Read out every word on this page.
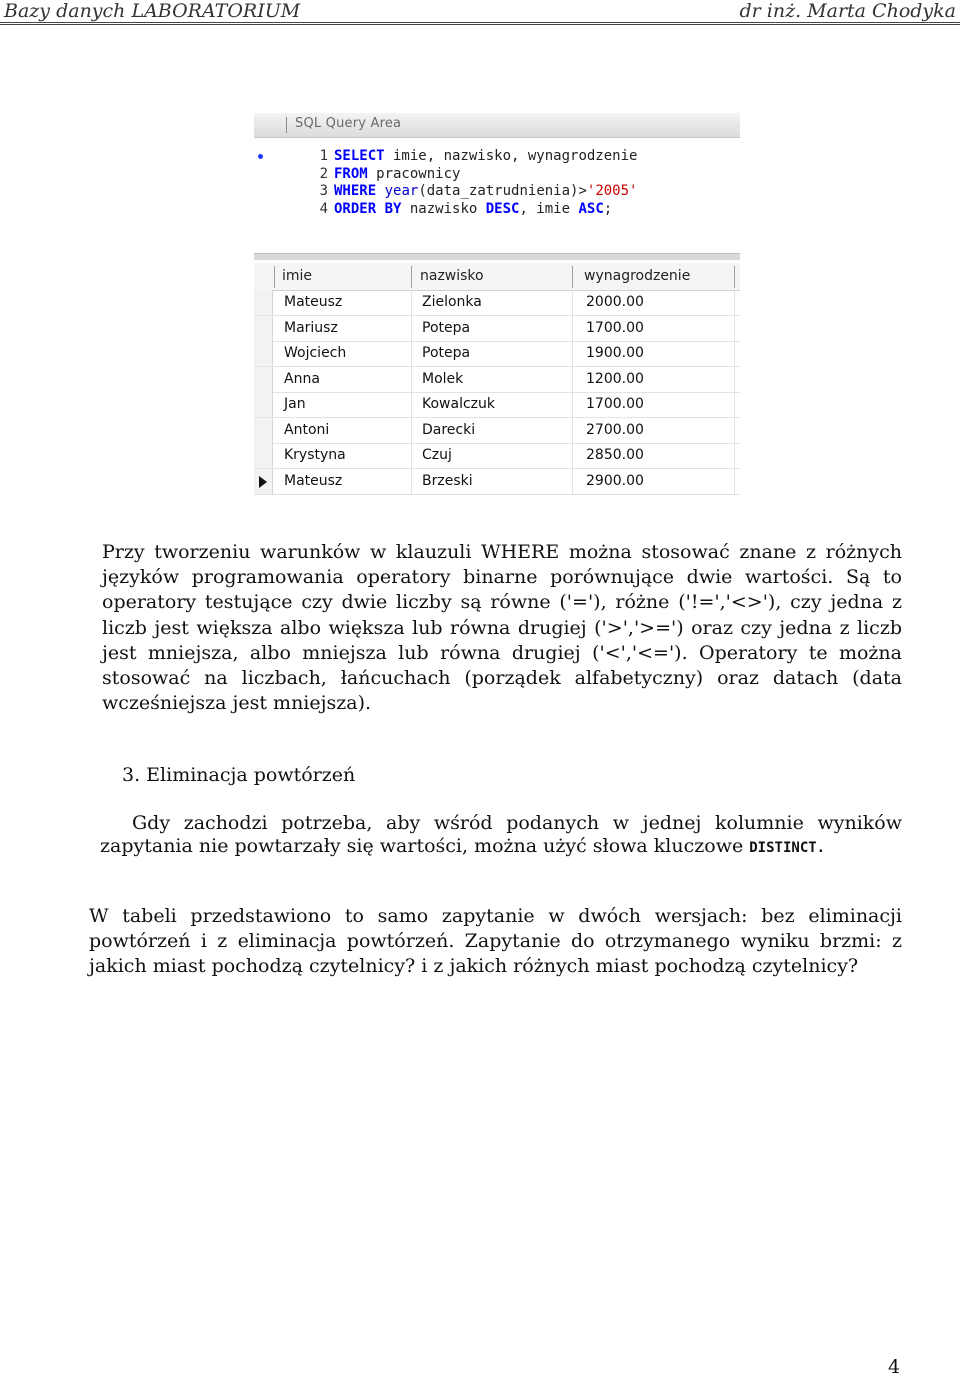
Bazy danych LABORATORIUM	dr inż. Marta Chodyka
SQL Query Area
1 SELECT imie, nazwisko, wynagrodzenie
2 FROM pracownicy
3 WHERE year(data_zatrudnienia)>'2005'
4 ORDER BY nazwisko DESC, imie ASC;
imie	nazwisko	wynagrodzenie
Mateusz	Zielonka	2000.00
Mariusz	Potepa	1700.00
Wojciech	Potepa	1900.00
Anna	Molek	1200.00
Jan	Kowalczuk	1700.00
Antoni	Darecki	2700.00
Krystyna	Czuj	2850.00
Mateusz	Brzeski	2900.00
Przy tworzeniu warunków w klauzuli WHERE można stosować znane z różnych języków programowania operatory binarne porównujące dwie wartości. Są to operatory testujące czy dwie liczby są równe ('='), różne ('!=','<>'), czy jedna z liczb jest większa albo większa lub równa drugiej ('>','>=') oraz czy jedna z liczb jest mniejsza, albo mniejsza lub równa drugiej ('<','<='). Operatory te można stosować na liczbach, łańcuchach (porządek alfabetyczny) oraz datach (data wcześniejsza jest mniejsza).
3. Eliminacja powtórzeń
Gdy zachodzi potrzeba, aby wśród podanych w jednej kolumnie wyników zapytania nie powtarzały się wartości, można użyć słowa kluczowe DISTINCT.
W tabeli przedstawiono to samo zapytanie w dwóch wersjach: bez eliminacji powtórzeń i z eliminacja powtórzeń. Zapytanie do otrzymanego wyniku brzmi: z jakich miast pochodzą czytelnicy? i z jakich różnych miast pochodzą czytelnicy?
4
